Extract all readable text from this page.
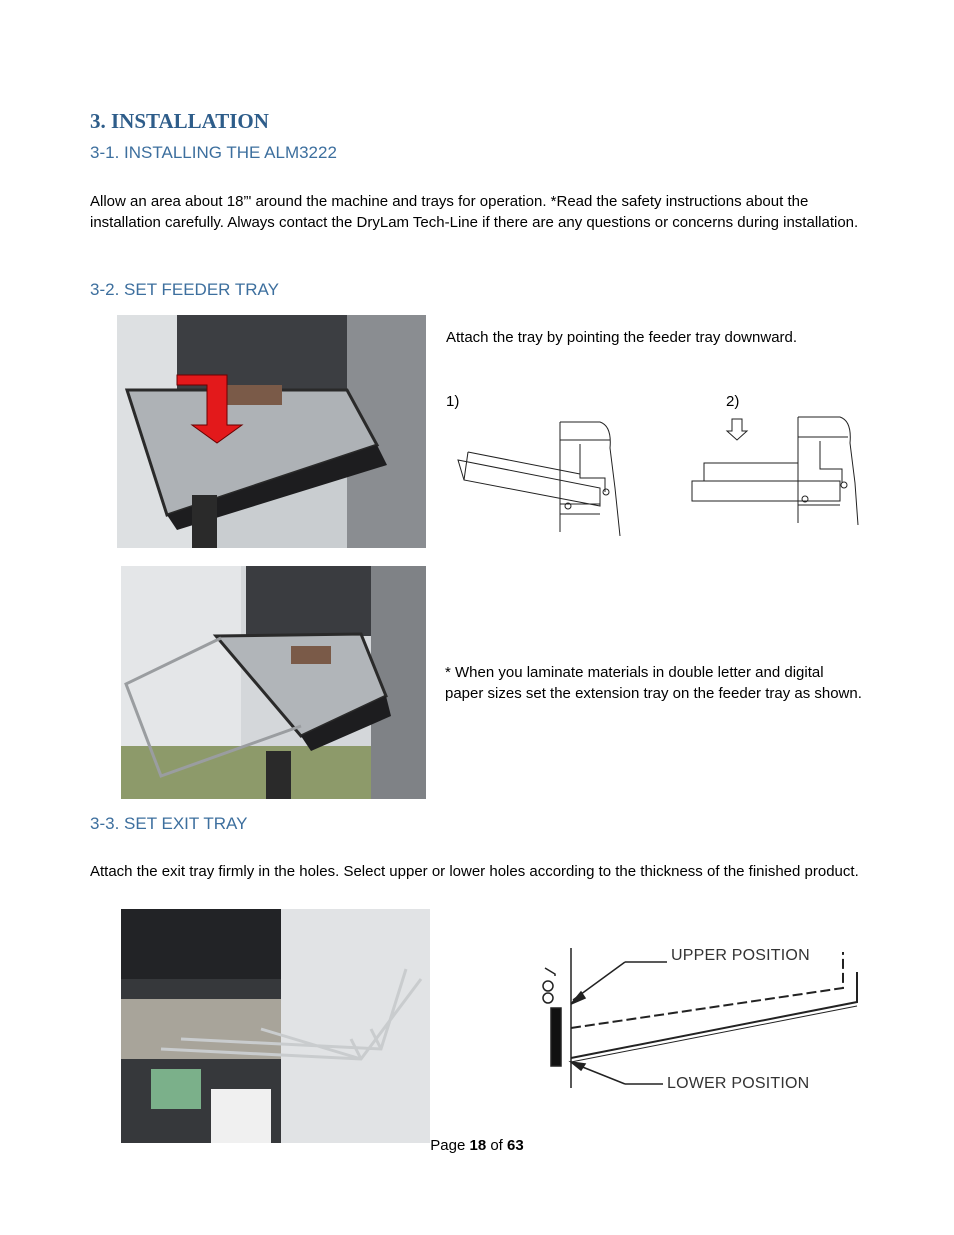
3. INSTALLATION
3-1. INSTALLING THE ALM3222

Allow an area about 18”' around the machine and trays for operation. *Read the safety instructions about the installation carefully. Always contact the DryLam Tech-Line if there are any questions or concerns during installation.

3-2. SET FEEDER TRAY

Attach the tray by pointing the feeder tray downward.

1)	2)

* When you laminate materials in double letter and digital paper sizes set the extension tray on the feeder tray as shown.

3-3. SET EXIT TRAY

Attach the exit tray firmly in the holes. Select upper or lower holes according to the thickness of the finished product.

UPPER POSITION
LOWER POSITION
Page 18 of 63
